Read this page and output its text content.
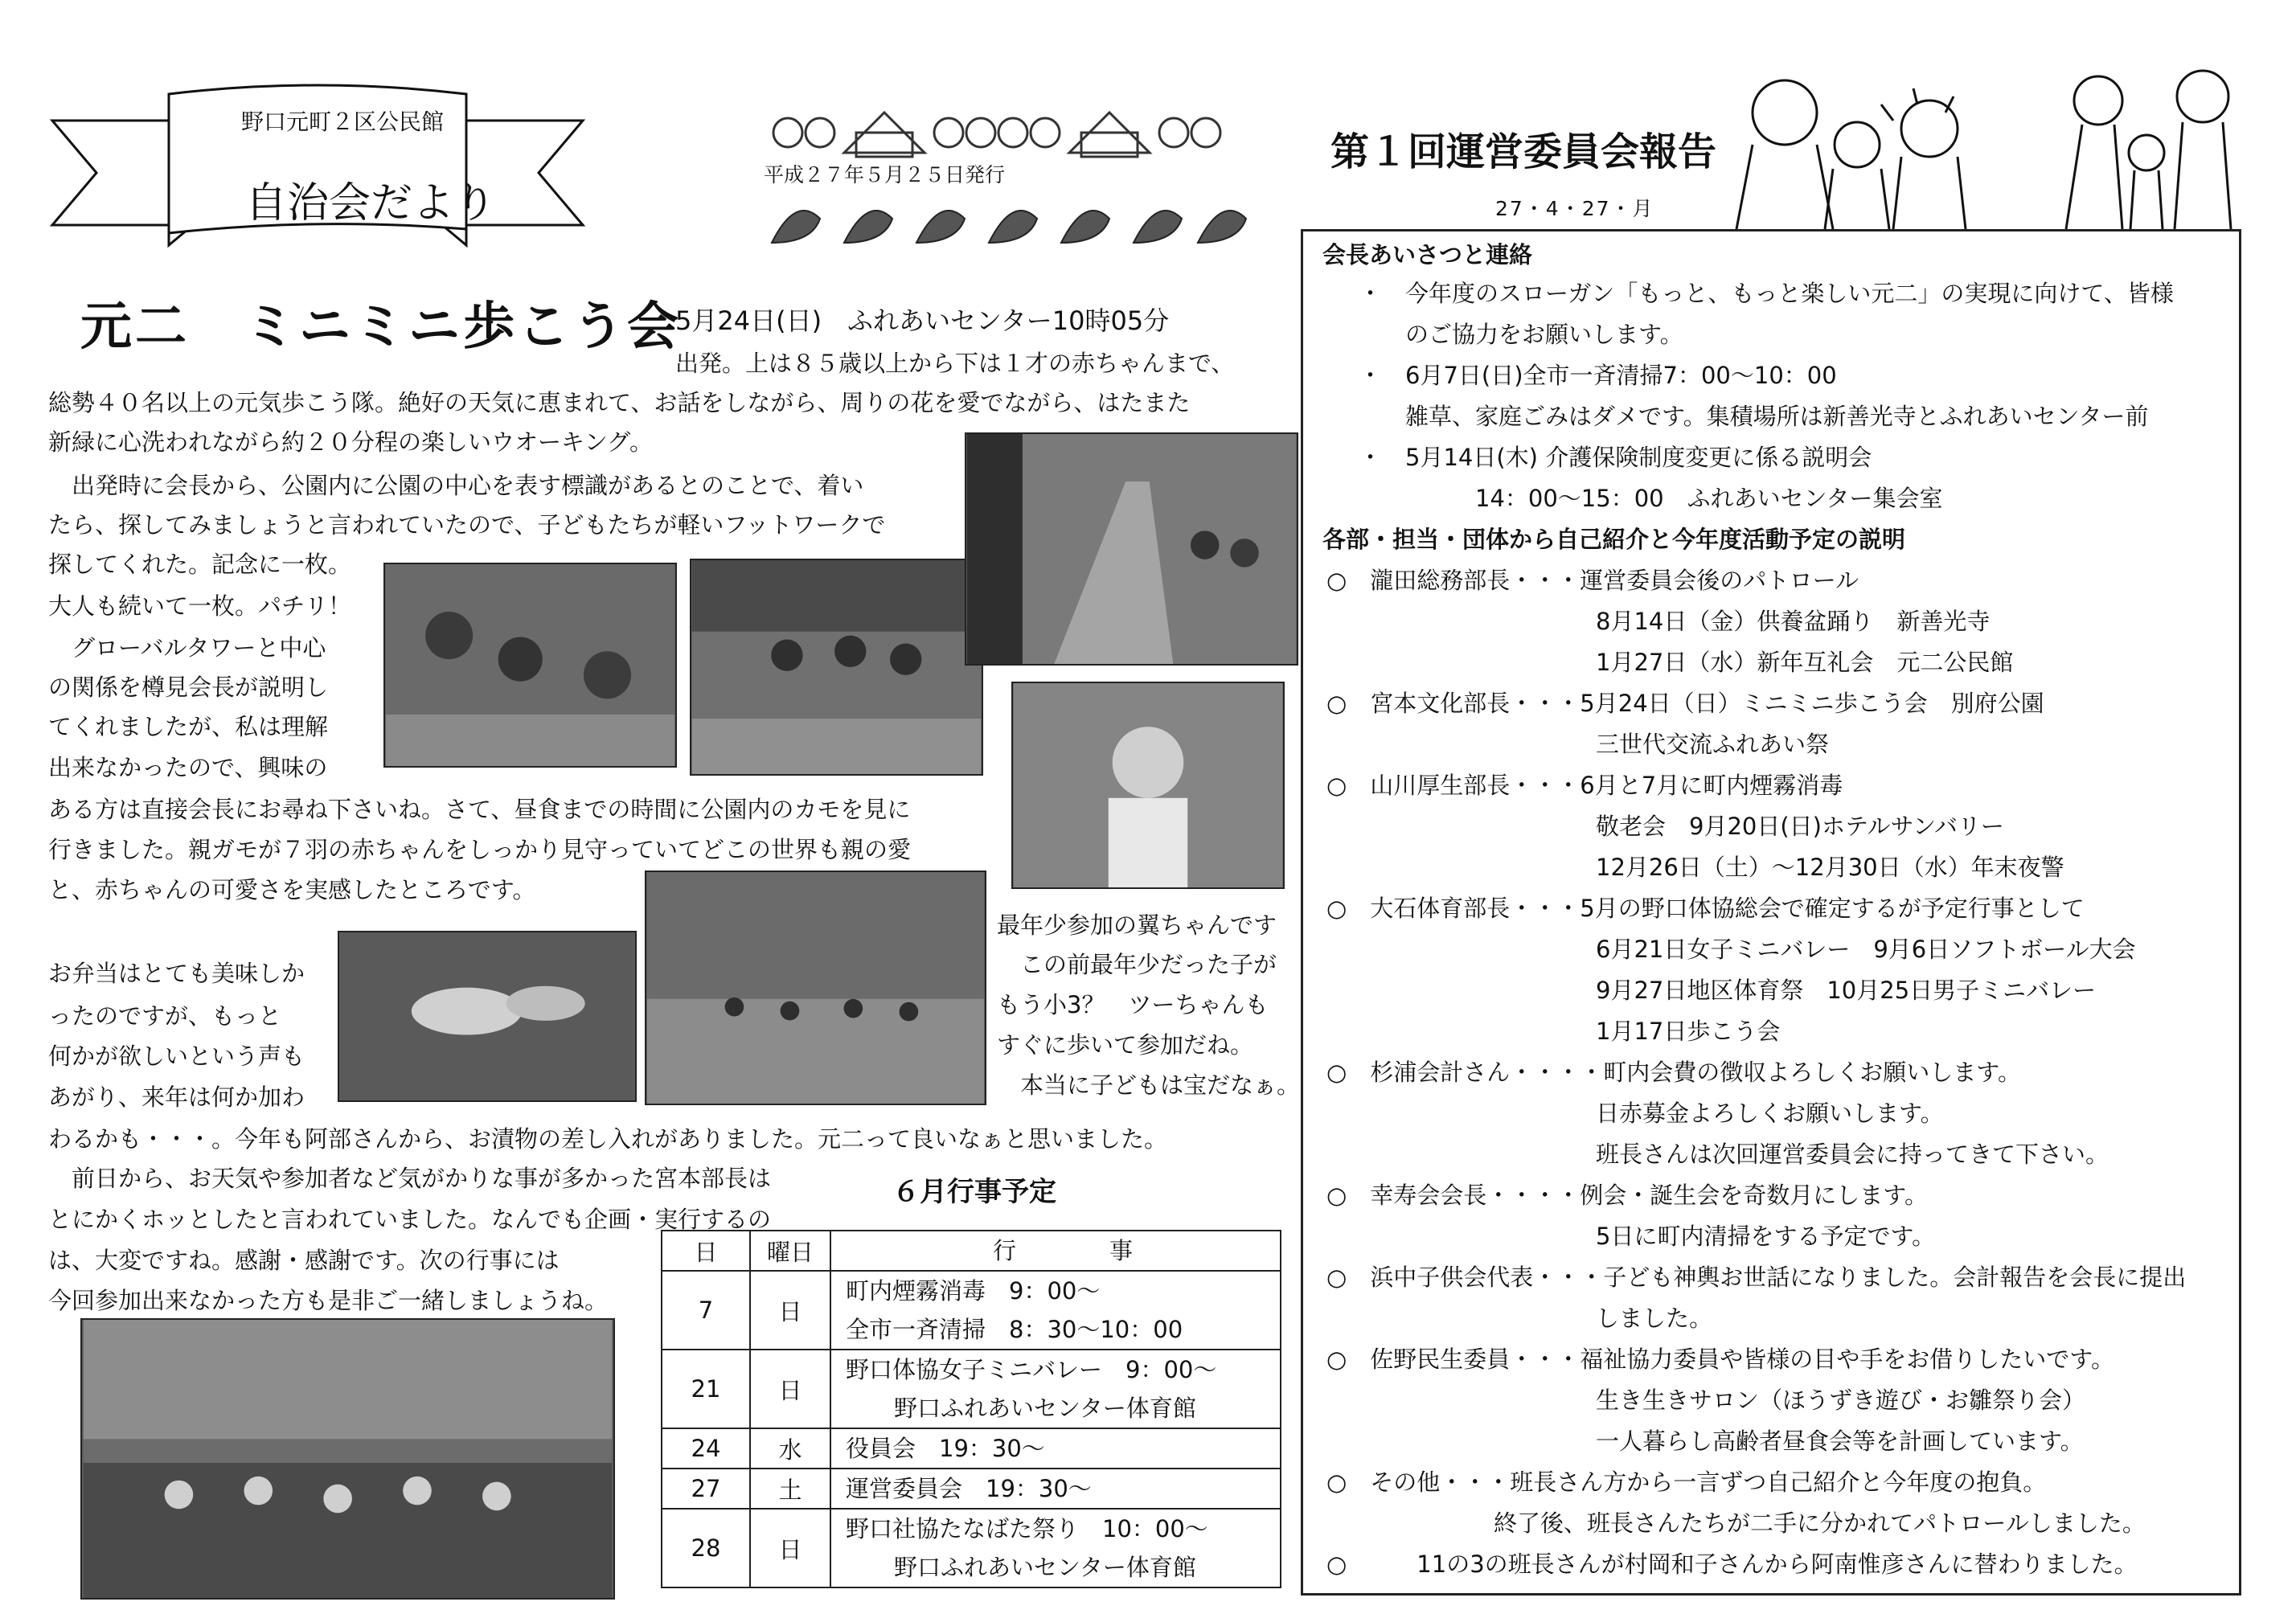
野口元町２区公民館
自治会だより
平成２７年５月２５日発行
元二　ミニミニ歩こう会
5月24日(日)　ふれあいセンター10時05分
出発。上は８５歳以上から下は１才の赤ちゃんまで、
総勢４０名以上の元気歩こう隊。絶好の天気に恵まれて、お話をしながら、周りの花を愛でながら、はたまた
新緑に心洗われながら約２０分程の楽しいウオーキング。
　出発時に会長から、公園内に公園の中心を表す標識があるとのことで、着い
たら、探してみましょうと言われていたので、子どもたちが軽いフットワークで
探してくれた。記念に一枚。
大人も続いて一枚。パチリ！
　グローバルタワーと中心
の関係を樽見会長が説明し
てくれましたが、私は理解
出来なかったので、興味の
ある方は直接会長にお尋ね下さいね。さて、昼食までの時間に公園内のカモを見に
行きました。親ガモが７羽の赤ちゃんをしっかり見守っていてどこの世界も親の愛
と、赤ちゃんの可愛さを実感したところです。
最年少参加の翼ちゃんです
　この前最年少だった子が
もう小3？　ツーちゃんも
すぐに歩いて参加だね。
　本当に子どもは宝だなぁ。
お弁当はとても美味しか
ったのですが、もっと
何かが欲しいという声も
あがり、来年は何か加わ
わるかも・・・。今年も阿部さんから、お漬物の差し入れがありました。元二って良いなぁと思いました。
　前日から、お天気や参加者など気がかりな事が多かった宮本部長は
とにかくホッとしたと言われていました。なんでも企画・実行するの
は、大変ですね。感謝・感謝です。次の行事には
今回参加出来なかった方も是非ご一緒しましょうね。
６月行事予定
日	曜日	行　　　　事
7	日	町内煙霧消毒　9：00～
全市一斉清掃　8：30～10：00

21	日	野口体協女子ミニバレー　9：00～
野口ふれあいセンター体育館

24	水	役員会　19：30～

27	土	運営委員会　19：30～

28	日	野口社協たなばた祭り　10：00～
野口ふれあいセンター体育館
第１回運営委員会報告
27・4・27・月
会長あいさつと連絡
・　今年度のスローガン「もっと、もっと楽しい元二」の実現に向けて、皆様
　　のご協力をお願いします。
・　6月7日(日)全市一斉清掃7：00～10：00
　　雑草、家庭ごみはダメです。集積場所は新善光寺とふれあいセンター前
・　5月14日(木) 介護保険制度変更に係る説明会
　　　　　14：00～15：00　ふれあいセンター集会室
各部・担当・団体から自己紹介と今年度活動予定の説明
○　瀧田総務部長・・・運営委員会後のパトロール
8月14日（金）供養盆踊り　新善光寺
1月27日（水）新年互礼会　元二公民館
○　宮本文化部長・・・5月24日（日）ミニミニ歩こう会　別府公園
三世代交流ふれあい祭
○　山川厚生部長・・・6月と7月に町内煙霧消毒
敬老会　9月20日(日)ホテルサンバリー
12月26日（土）～12月30日（水）年末夜警
○　大石体育部長・・・5月の野口体協総会で確定するが予定行事として
6月21日女子ミニバレー　9月6日ソフトボール大会
9月27日地区体育祭　10月25日男子ミニバレー
1月17日歩こう会
○　杉浦会計さん・・・・町内会費の徴収よろしくお願いします。
日赤募金よろしくお願いします。
班長さんは次回運営委員会に持ってきて下さい。
○　幸寿会会長・・・・例会・誕生会を奇数月にします。
5日に町内清掃をする予定です。
○　浜中子供会代表・・・子ども神輿お世話になりました。会計報告を会長に提出
しました。
○　佐野民生委員・・・福祉協力委員や皆様の目や手をお借りしたいです。
生き生きサロン（ほうずき遊び・お雛祭り会）
一人暮らし高齢者昼食会等を計画しています。
○　その他・・・班長さん方から一言ずつ自己紹介と今年度の抱負。
　　終了後、班長さんたちが二手に分かれてパトロールしました。
○　　　11の3の班長さんが村岡和子さんから阿南惟彦さんに替わりました。
